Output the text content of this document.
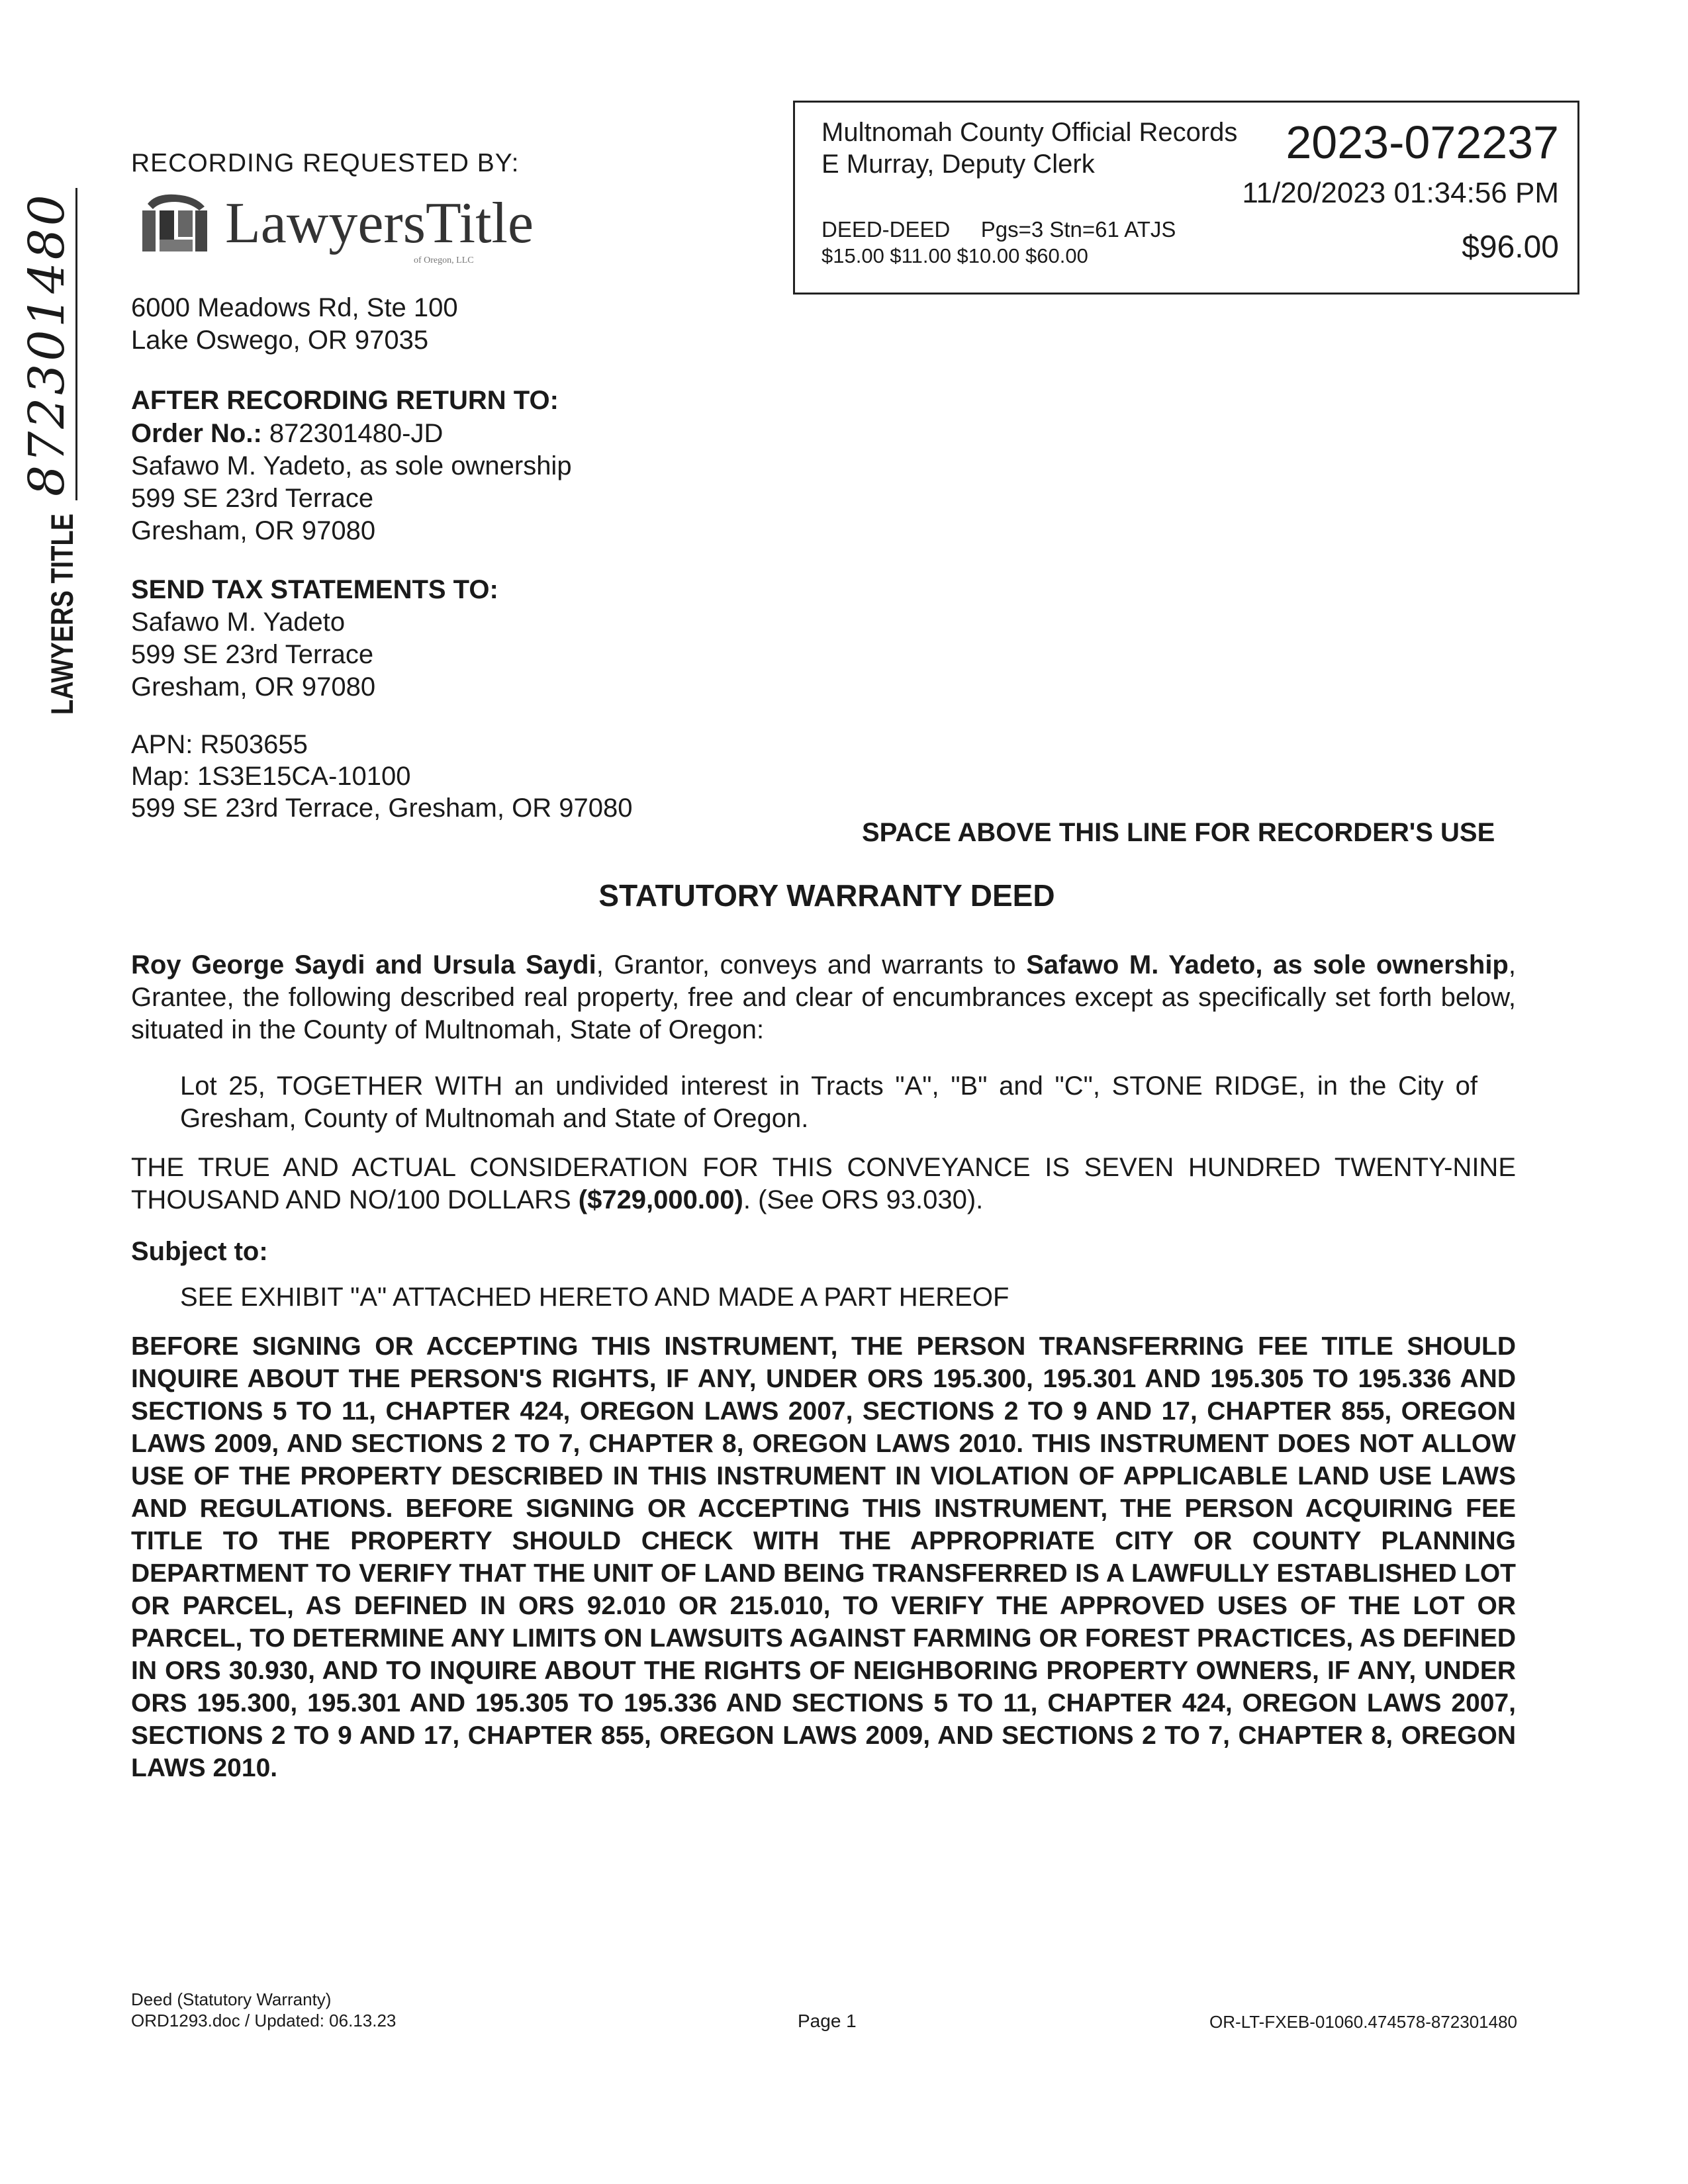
LAWYERS TITLE
872301480
RECORDING REQUESTED BY:
LawyersTitle
of Oregon, LLC
6000 Meadows Rd, Ste 100
Lake Oswego, OR 97035
AFTER RECORDING RETURN TO:
Order No.: 872301480-JD
Safawo M. Yadeto, as sole ownership
599 SE 23rd Terrace
Gresham, OR 97080
SEND TAX STATEMENTS TO:
Safawo M. Yadeto
599 SE 23rd Terrace
Gresham, OR 97080
APN: R503655
Map: 1S3E15CA-10100
599 SE 23rd Terrace, Gresham, OR 97080
Multnomah County Official Records
E Murray, Deputy Clerk	2023-072237
11/20/2023 01:34:56 PM
DEED-DEED Pgs=3 Stn=61 ATJS
$15.00 $11.00 $10.00 $60.00	$96.00
SPACE ABOVE THIS LINE FOR RECORDER'S USE
STATUTORY WARRANTY DEED
Roy George Saydi and Ursula Saydi, Grantor, conveys and warrants to Safawo M. Yadeto, as sole ownership, Grantee, the following described real property, free and clear of encumbrances except as specifically set forth below, situated in the County of Multnomah, State of Oregon:
Lot 25, TOGETHER WITH an undivided interest in Tracts "A", "B" and "C", STONE RIDGE, in the City of Gresham, County of Multnomah and State of Oregon.
THE TRUE AND ACTUAL CONSIDERATION FOR THIS CONVEYANCE IS SEVEN HUNDRED TWENTY-NINE THOUSAND AND NO/100 DOLLARS ($729,000.00). (See ORS 93.030).
Subject to:
SEE EXHIBIT "A" ATTACHED HERETO AND MADE A PART HEREOF
BEFORE SIGNING OR ACCEPTING THIS INSTRUMENT, THE PERSON TRANSFERRING FEE TITLE SHOULD INQUIRE ABOUT THE PERSON'S RIGHTS, IF ANY, UNDER ORS 195.300, 195.301 AND 195.305 TO 195.336 AND SECTIONS 5 TO 11, CHAPTER 424, OREGON LAWS 2007, SECTIONS 2 TO 9 AND 17, CHAPTER 855, OREGON LAWS 2009, AND SECTIONS 2 TO 7, CHAPTER 8, OREGON LAWS 2010. THIS INSTRUMENT DOES NOT ALLOW USE OF THE PROPERTY DESCRIBED IN THIS INSTRUMENT IN VIOLATION OF APPLICABLE LAND USE LAWS AND REGULATIONS. BEFORE SIGNING OR ACCEPTING THIS INSTRUMENT, THE PERSON ACQUIRING FEE TITLE TO THE PROPERTY SHOULD CHECK WITH THE APPROPRIATE CITY OR COUNTY PLANNING DEPARTMENT TO VERIFY THAT THE UNIT OF LAND BEING TRANSFERRED IS A LAWFULLY ESTABLISHED LOT OR PARCEL, AS DEFINED IN ORS 92.010 OR 215.010, TO VERIFY THE APPROVED USES OF THE LOT OR PARCEL, TO DETERMINE ANY LIMITS ON LAWSUITS AGAINST FARMING OR FOREST PRACTICES, AS DEFINED IN ORS 30.930, AND TO INQUIRE ABOUT THE RIGHTS OF NEIGHBORING PROPERTY OWNERS, IF ANY, UNDER ORS 195.300, 195.301 AND 195.305 TO 195.336 AND SECTIONS 5 TO 11, CHAPTER 424, OREGON LAWS 2007, SECTIONS 2 TO 9 AND 17, CHAPTER 855, OREGON LAWS 2009, AND SECTIONS 2 TO 7, CHAPTER 8, OREGON LAWS 2010.
Deed (Statutory Warranty)
ORD1293.doc / Updated: 06.13.23	Page 1	OR-LT-FXEB-01060.474578-872301480
